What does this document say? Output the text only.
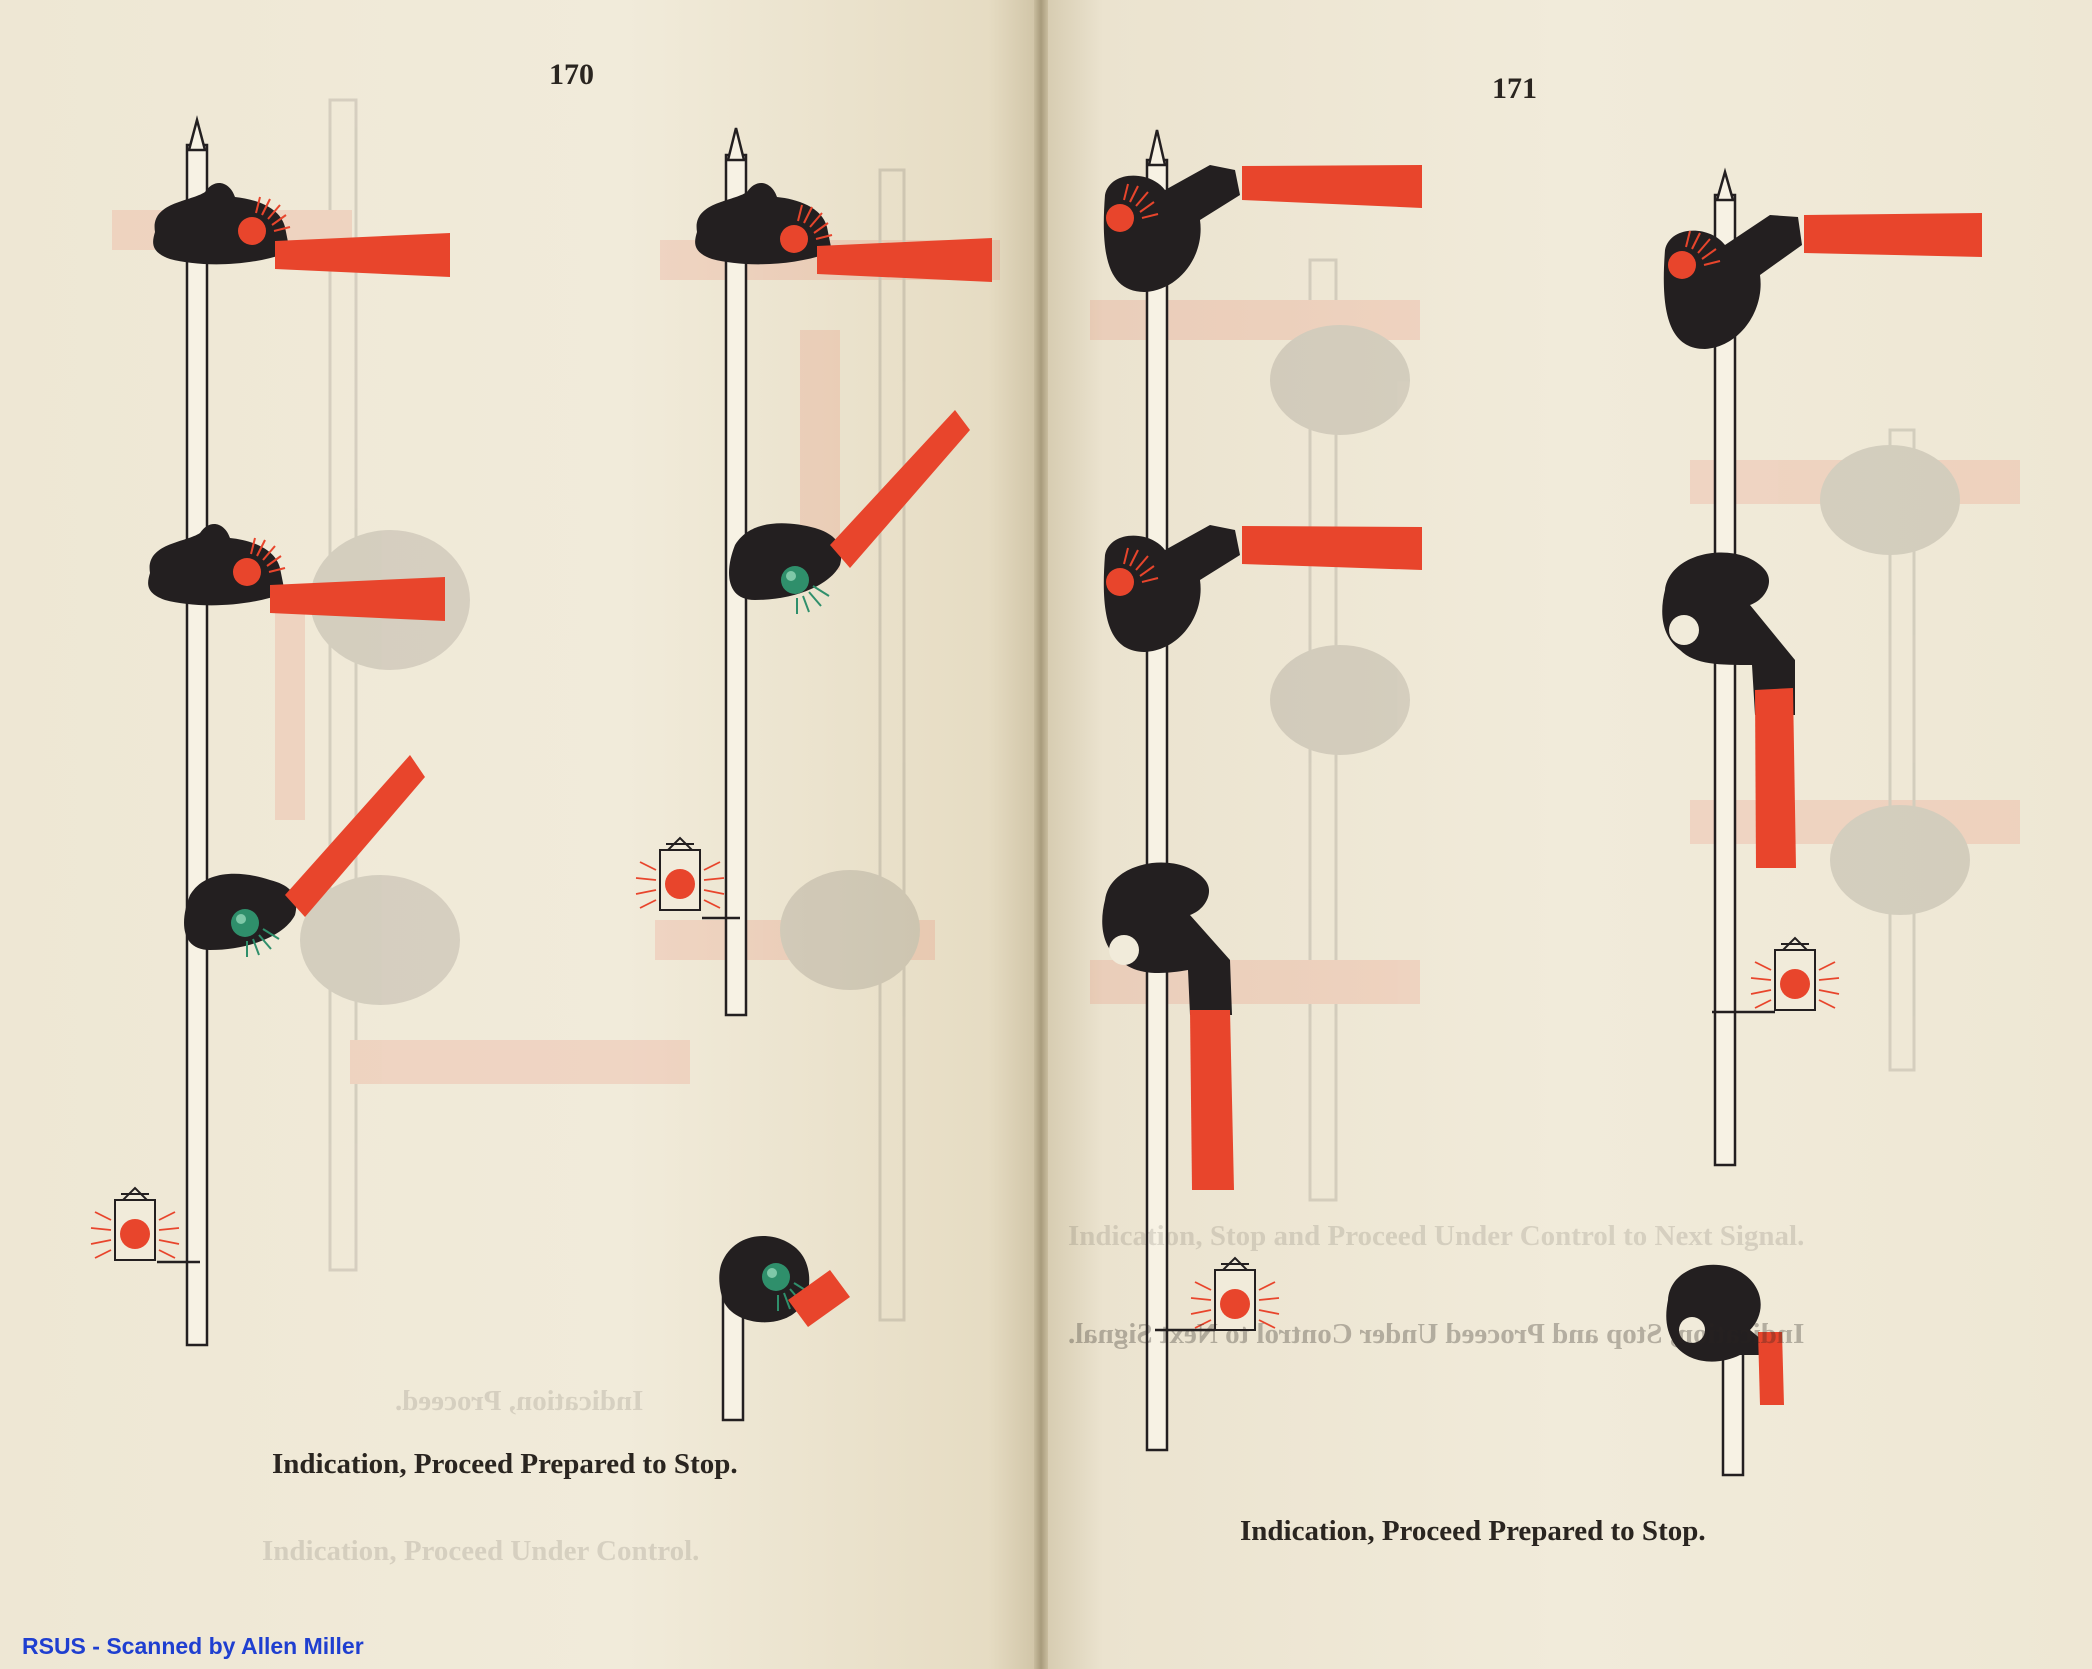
Indication, Proceed.
Indication, Proceed Under Control.
Indication, Stop and Proceed Under Control to Next Signal.
Indication, Stop and Proceed Under Control to Next Signal.
170	171
Indication, Proceed Prepared to Stop.
Indication, Proceed Prepared to Stop.
RSUS - Scanned by Allen Miller
